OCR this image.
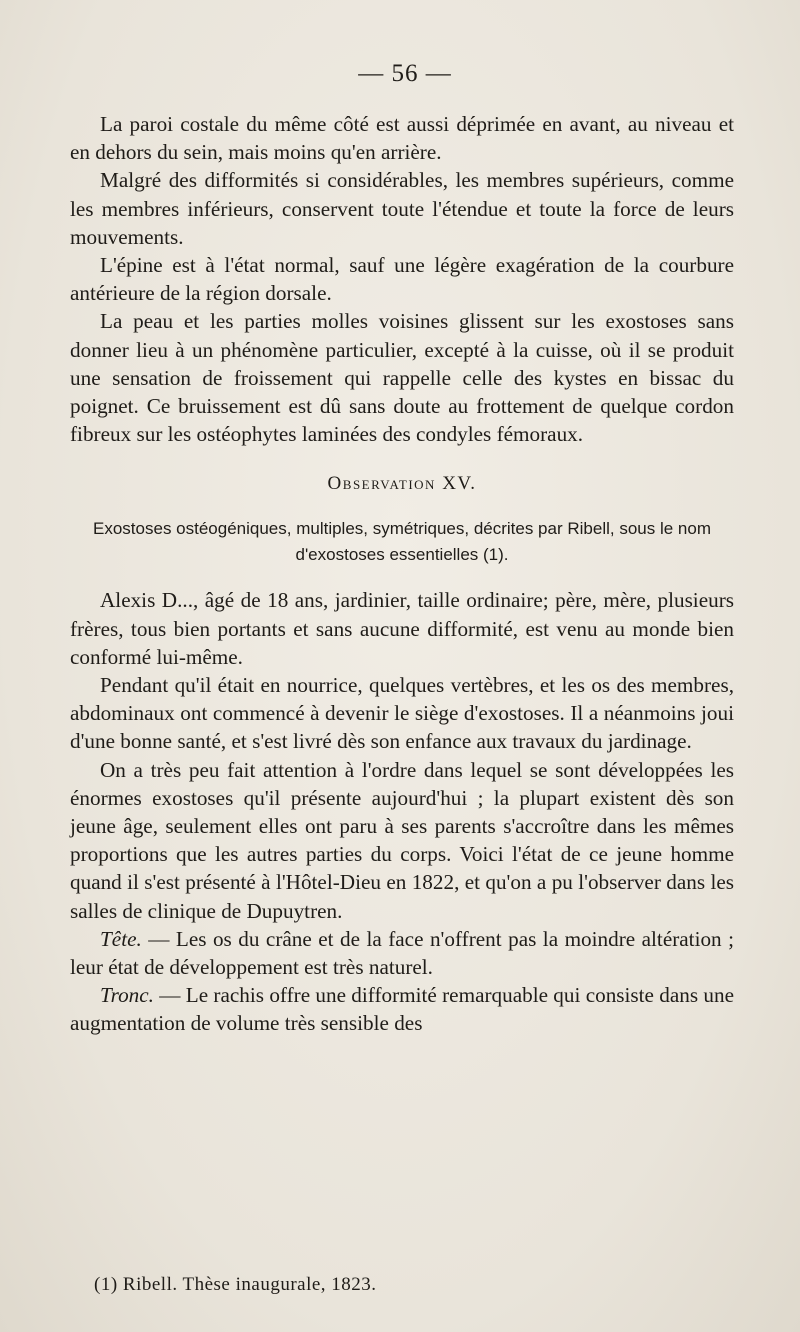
— 56 —

La paroi costale du même côté est aussi déprimée en avant, au niveau et en dehors du sein, mais moins qu'en arrière.

Malgré des difformités si considérables, les membres supérieurs, comme les membres inférieurs, conservent toute l'étendue et toute la force de leurs mouvements.

L'épine est à l'état normal, sauf une légère exagération de la courbure antérieure de la région dorsale.

La peau et les parties molles voisines glissent sur les exostoses sans donner lieu à un phénomène particulier, excepté à la cuisse, où il se produit une sensation de froissement qui rappelle celle des kystes en bissac du poignet. Ce bruissement est dû sans doute au frottement de quelque cordon fibreux sur les ostéophytes laminées des condyles fémoraux.

Observation XV.
Exostoses ostéogéniques, multiples, symétriques, décrites par Ribell, sous le nom d'exostoses essentielles (1).

Alexis D..., âgé de 18 ans, jardinier, taille ordinaire; père, mère, plusieurs frères, tous bien portants et sans aucune difformité, est venu au monde bien conformé lui-même.

Pendant qu'il était en nourrice, quelques vertèbres, et les os des membres, abdominaux ont commencé à devenir le siège d'exostoses. Il a néanmoins joui d'une bonne santé, et s'est livré dès son enfance aux travaux du jardinage.

On a très peu fait attention à l'ordre dans lequel se sont développées les énormes exostoses qu'il présente aujourd'hui ; la plupart existent dès son jeune âge, seulement elles ont paru à ses parents s'accroître dans les mêmes proportions que les autres parties du corps. Voici l'état de ce jeune homme quand il s'est présenté à l'Hôtel-Dieu en 1822, et qu'on a pu l'observer dans les salles de clinique de Dupuytren.

Tête. — Les os du crâne et de la face n'offrent pas la moindre altération ; leur état de développement est très naturel.

Tronc. — Le rachis offre une difformité remarquable qui consiste dans une augmentation de volume très sensible des

(1) Ribell. Thèse inaugurale, 1823.
